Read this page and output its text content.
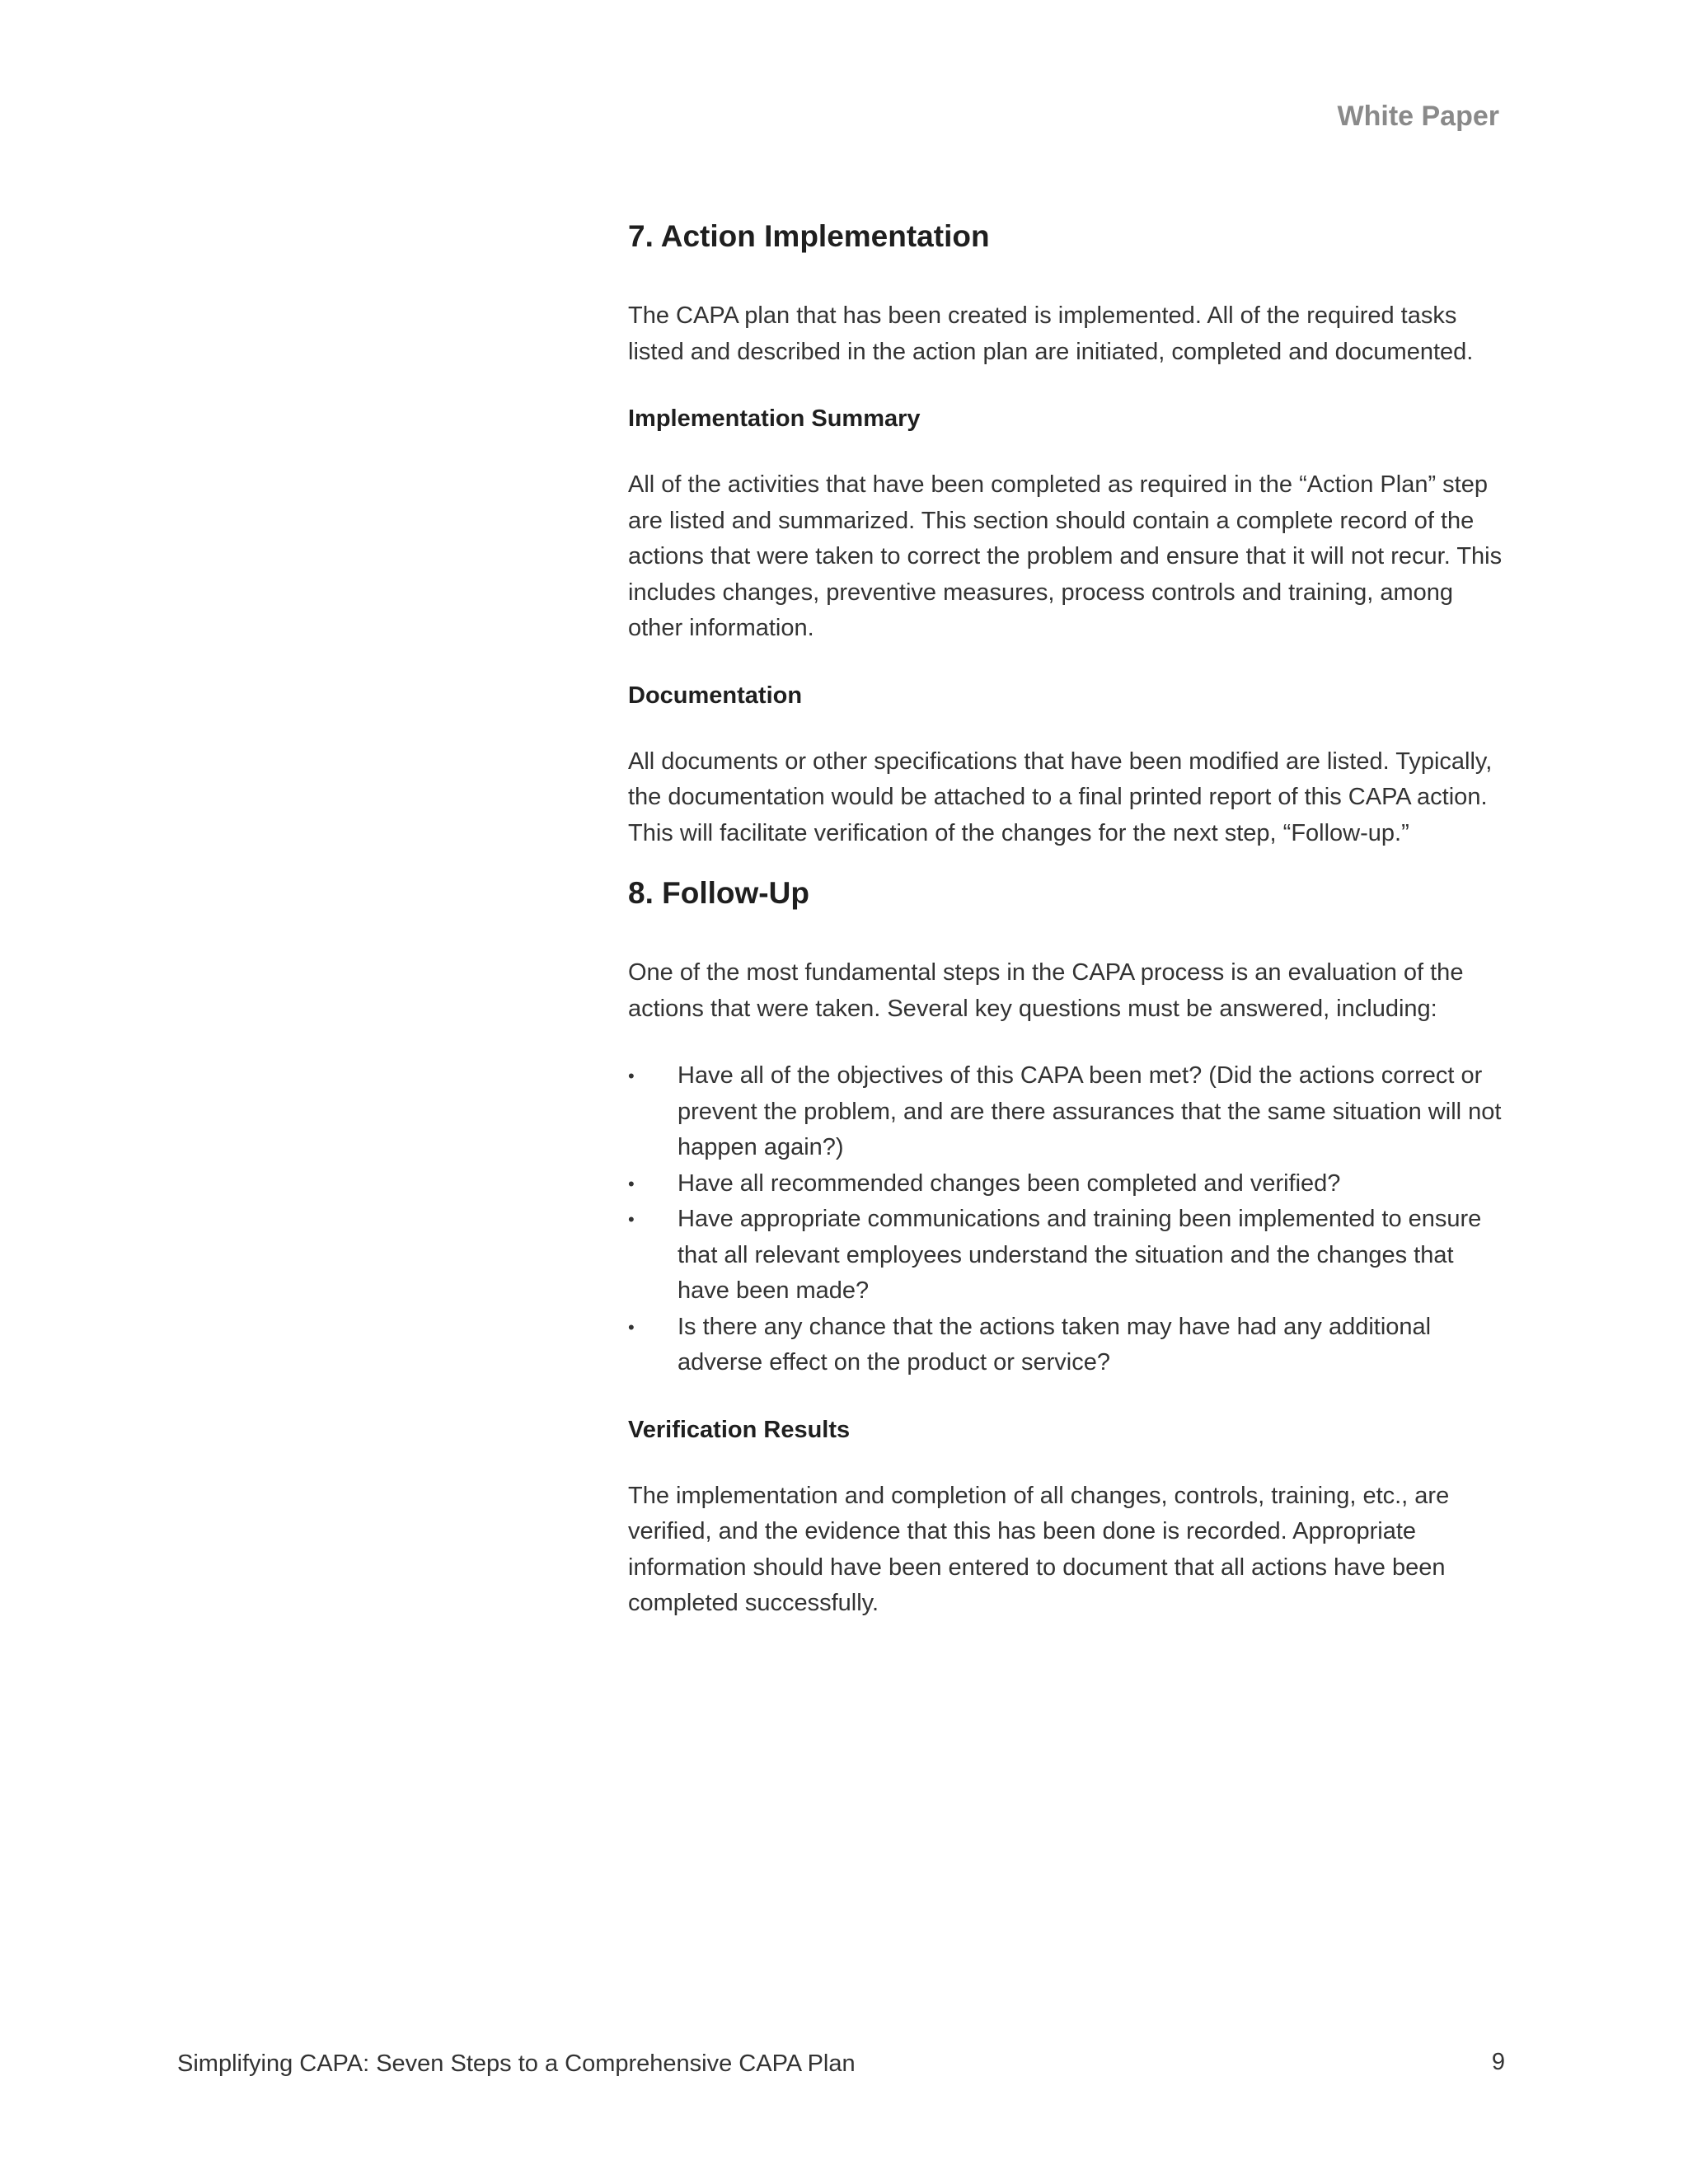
White Paper
7. Action Implementation

The CAPA plan that has been created is implemented. All of the required tasks listed and described in the action plan are initiated, completed and documented.

Implementation Summary

All of the activities that have been completed as required in the “Action Plan” step are listed and summarized. This section should contain a complete record of the actions that were taken to correct the problem and ensure that it will not recur. This includes changes, preventive measures, process controls and training, among other information.

Documentation

All documents or other specifications that have been modified are listed. Typically, the documentation would be attached to a final printed report of this CAPA action. This will facilitate verification of the changes for the next step, “Follow-up.”

8. Follow-Up

One of the most fundamental steps in the CAPA process is an evaluation of the actions that were taken. Several key questions must be answered, including:

•	Have all of the objectives of this CAPA been met? (Did the actions correct or prevent the problem, and are there assurances that the same situation will not happen again?)
•	Have all recommended changes been completed and verified?
•	Have appropriate communications and training been implemented to ensure that all relevant employees understand the situation and the changes that have been made?
•	Is there any chance that the actions taken may have had any additional adverse effect on the product or service?
Verification Results

The implementation and completion of all changes, controls, training, etc., are verified, and the evidence that this has been done is recorded. Appropriate information should have been entered to document that all actions have been completed successfully.

Simplifying CAPA: Seven Steps to a Comprehensive CAPA Plan	9
